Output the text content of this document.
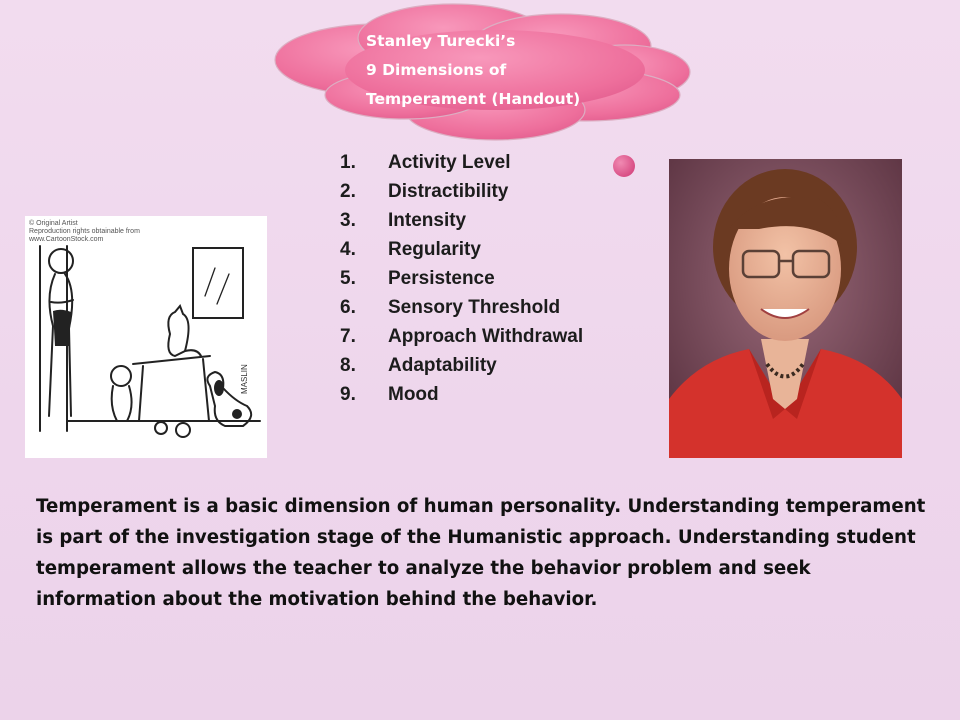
Stanley Turecki’s
9 Dimensions of
Temperament (Handout)
1.	Activity Level
2.	Distractibility
3.	Intensity
4.	Regularity
5.	Persistence
6.	Sensory Threshold
7.	Approach Withdrawal
8.	Adaptability
9.	Mood
© Original Artist
Reproduction rights obtainable from
www.CartoonStock.com
MASLIN

Temperament is a basic dimension of human personality. Understanding temperament is part of the investigation stage of the Humanistic approach. Understanding student temperament allows the teacher to analyze the behavior problem and seek information about the motivation behind the behavior.
